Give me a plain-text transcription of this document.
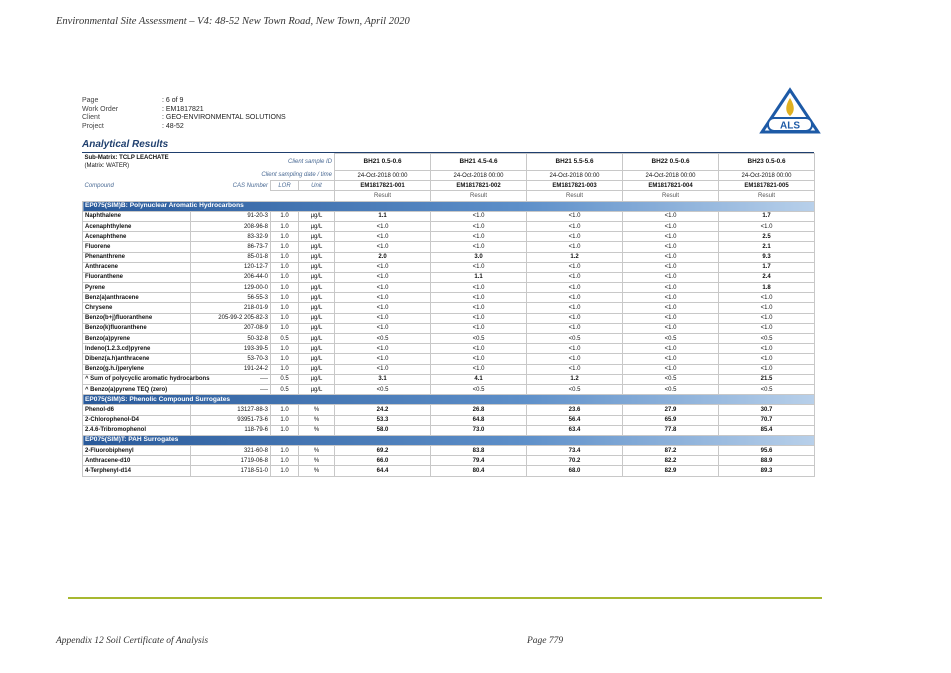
Environmental Site Assessment – V4: 48-52 New Town Road, New Town, April 2020
Page	: 6 of 9
Work Order	: EM1817821
Client	: GEO-ENVIRONMENTAL SOLUTIONS
Project	: 48-52	ALS
Analytical Results
Sub-Matrix: TCLP LEACHATE
(Matrix: WATER)		Client sample ID		BH21 0.5-0.6	BH21 4.5-4.6	BH21 5.5-5.6	BH22 0.5-0.6	BH23 0.5-0.6
Client sampling date / time				24-Oct-2018 00:00	24-Oct-2018 00:00	24-Oct-2018 00:00	24-Oct-2018 00:00	24-Oct-2018 00:00
Compound	CAS Number	LOR	Unit	EM1817821-001	EM1817821-002	EM1817821-003	EM1817821-004	EM1817821-005
				Result	Result	Result	Result	Result
EP075(SIM)B: Polynuclear Aromatic Hydrocarbons								
Naphthalene	91-20-3	1.0	µg/L	1.1	<1.0	<1.0	<1.0	1.7
Acenaphthylene	208-96-8	1.0	µg/L	<1.0	<1.0	<1.0	<1.0	<1.0
Acenaphthene	83-32-9	1.0	µg/L	<1.0	<1.0	<1.0	<1.0	2.5
Fluorene	86-73-7	1.0	µg/L	<1.0	<1.0	<1.0	<1.0	2.1
Phenanthrene	85-01-8	1.0	µg/L	2.0	3.0	1.2	<1.0	9.3
Anthracene	120-12-7	1.0	µg/L	<1.0	<1.0	<1.0	<1.0	1.7
Fluoranthene	206-44-0	1.0	µg/L	<1.0	1.1	<1.0	<1.0	2.4
Pyrene	129-00-0	1.0	µg/L	<1.0	<1.0	<1.0	<1.0	1.8
Benz(a)anthracene	56-55-3	1.0	µg/L	<1.0	<1.0	<1.0	<1.0	<1.0
Chrysene	218-01-9	1.0	µg/L	<1.0	<1.0	<1.0	<1.0	<1.0
Benzo(b+j)fluoranthene	205-99-2 205-82-3	1.0	µg/L	<1.0	<1.0	<1.0	<1.0	<1.0
Benzo(k)fluoranthene	207-08-9	1.0	µg/L	<1.0	<1.0	<1.0	<1.0	<1.0
Benzo(a)pyrene	50-32-8	0.5	µg/L	<0.5	<0.5	<0.5	<0.5	<0.5
Indeno(1.2.3.cd)pyrene	193-39-5	1.0	µg/L	<1.0	<1.0	<1.0	<1.0	<1.0
Dibenz(a.h)anthracene	53-70-3	1.0	µg/L	<1.0	<1.0	<1.0	<1.0	<1.0
Benzo(g.h.i)perylene	191-24-2	1.0	µg/L	<1.0	<1.0	<1.0	<1.0	<1.0
^ Sum of polycyclic aromatic hydrocarbons	----	0.5	µg/L	3.1	4.1	1.2	<0.5	21.5
^ Benzo(a)pyrene TEQ (zero)	----	0.5	µg/L	<0.5	<0.5	<0.5	<0.5	<0.5
EP075(SIM)S: Phenolic Compound Surrogates								
Phenol-d6	13127-88-3	1.0	%	24.2	26.8	23.6	27.9	30.7
2-Chlorophenol-D4	93951-73-6	1.0	%	53.3	64.8	56.4	65.9	70.7
2.4.6-Tribromophenol	118-79-6	1.0	%	58.0	73.0	63.4	77.8	85.4
EP075(SIM)T: PAH Surrogates								
2-Fluorobiphenyl	321-60-8	1.0	%	69.2	83.8	73.4	87.2	95.6
Anthracene-d10	1719-06-8	1.0	%	66.0	79.4	70.2	82.2	88.9
4-Terphenyl-d14	1718-51-0	1.0	%	64.4	80.4	68.0	82.9	89.3
Appendix 12 Soil Certificate of Analysis	Page 779
